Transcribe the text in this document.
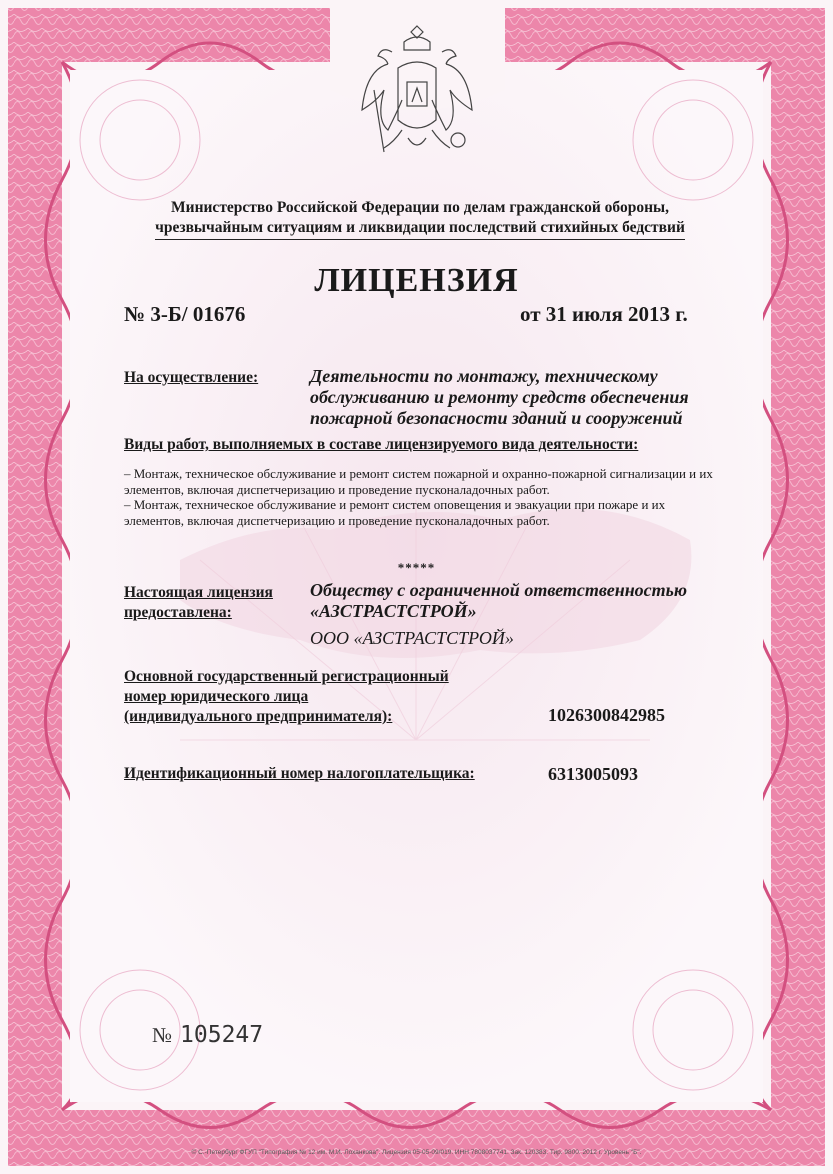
Министерство Российской Федерации по делам гражданской обороны,
чрезвычайным ситуациям и ликвидации последствий стихийных бедствий
ЛИЦЕНЗИЯ
№ 3-Б/ 01676	от 31 июля 2013 г.
На осуществление:	Деятельности по монтажу, техническому обслуживанию и ремонту средств обеспечения пожарной безопасности зданий и сооружений
Виды работ, выполняемых в составе лицензируемого вида деятельности:

– Монтаж, техническое обслуживание и ремонт систем пожарной и охранно-пожарной сигнализации и их элементов, включая диспетчеризацию и проведение пусконаладочных работ.

– Монтаж, техническое обслуживание и ремонт систем оповещения и эвакуации при пожаре и их элементов, включая диспетчеризацию и проведение пусконаладочных работ.

*****
Настоящая лицензия
предоставлена:
Обществу с ограниченной ответственностью «АЗСТРАСТСТРОЙ»
ООО «АЗСТРАСТСТРОЙ»
Основной государственный регистрационный
номер юридического лица
(индивидуального предпринимателя):	1026300842985
Идентификационный номер налогоплательщика:	6313005093
№ 105247
© С.-Петербург ФГУП "Типография № 12 им. М.И. Лоханкова". Лицензия 05-05-09/019. ИНН 7808037741. Зак. 120383. Тир. 9800. 2012 г. Уровень "Б".
